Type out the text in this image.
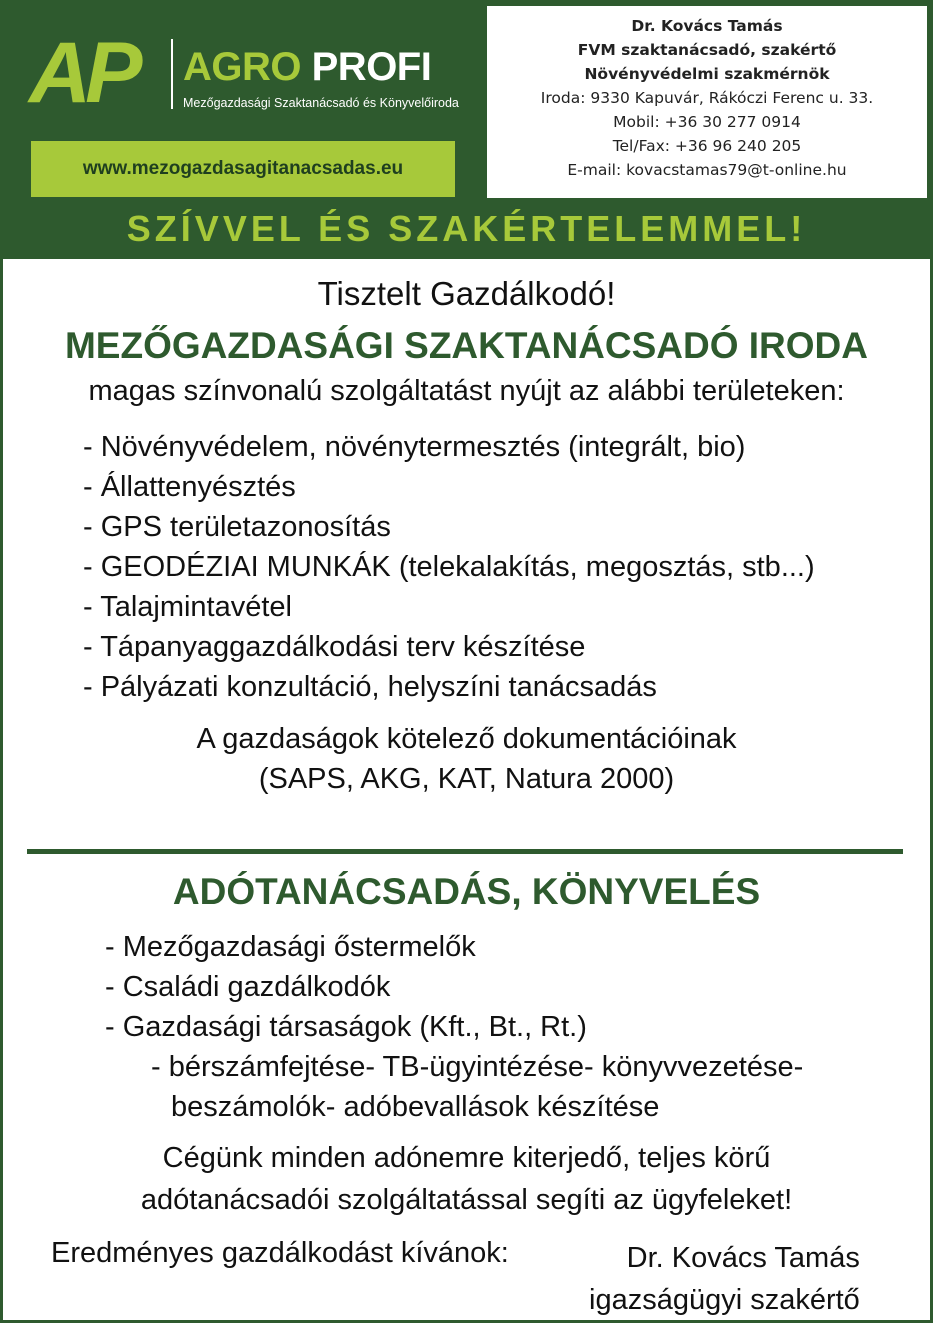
AP AGRO PROFI
Mezőgazdasági Szaktanácsadó és Könyvelőiroda
www.mezogazdasagitanacsadas.eu
Dr. Kovács Tamás
FVM szaktanácsadó, szakértő
Növényvédelmi szakmérnök
Iroda: 9330 Kapuvár, Rákóczi Ferenc u. 33.
Mobil: +36 30 277 0914
Tel/Fax: +36 96 240 205
E-mail: kovacstamas79@t-online.hu
SZÍVVEL ÉS SZAKÉRTELEMMEL!
Tisztelt Gazdálkodó!
MEZŐGAZDASÁGI SZAKTANÁCSADÓ IRODA
magas színvonalú szolgáltatást nyújt az alábbi területeken:
- Növényvédelem, növénytermesztés (integrált, bio)
- Állattenyésztés
- GPS területazonosítás
- GEODÉZIAI MUNKÁK (telekalakítás, megosztás, stb...)
- Talajmintavétel
- Tápanyaggazdálkodási terv készítése
- Pályázati konzultáció, helyszíni tanácsadás
A gazdaságok kötelező dokumentációinak
(SAPS, AKG, KAT, Natura 2000)
ADÓTANÁCSADÁS, KÖNYVELÉS
- Mezőgazdasági őstermelők
- Családi gazdálkodók
- Gazdasági társaságok (Kft., Bt., Rt.)
- bérszámfejtése- TB-ügyintézése- könyvvezetése-
beszámolók- adóbevallások készítése
Cégünk minden adónemre kiterjedő, teljes körű
adótanácsadói szolgáltatással segíti az ügyfeleket!
Eredményes gazdálkodást kívánok:	Dr. Kovács Tamás
igazságügyi szakértő
